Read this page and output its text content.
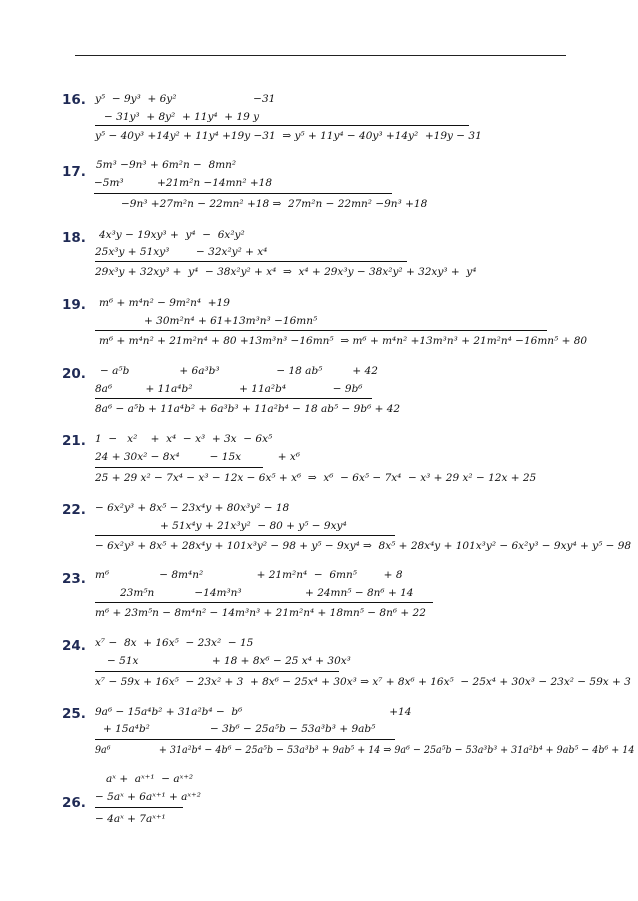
16. y⁵  − 9y³  + 6y²                       −31
− 31y³  + 8y²  + 11y⁴  + 19 y
y⁵ − 40y³ +14y² + 11y⁴ +19y −31  ⇒ y⁵ + 11y⁴ − 40y³ +14y²  +19y − 31
17. 5m³ −9n³ + 6m²n −  8mn²
−5m³          +21m²n −14mn² +18
−9n³ +27m²n − 22mn² +18 ⇒  27m²n − 22mn² −9n³ +18
18. 4x³y − 19xy³ +  y⁴  −  6x²y²
25x³y + 51xy³        − 32x²y² + x⁴
29x³y + 32xy³ +  y⁴  − 38x²y² + x⁴  ⇒  x⁴ + 29x³y − 38x²y² + 32xy³ +  y⁴
19. m⁶ + m⁴n² − 9m²n⁴  +19
+ 30m²n⁴ + 61+13m³n³ −16mn⁵
m⁶ + m⁴n² + 21m²n⁴ + 80 +13m³n³ −16mn⁵  ⇒ m⁶ + m⁴n² +13m³n³ + 21m²n⁴ −16mn⁵ + 80
20. − a⁵b               + 6a³b³                 − 18 ab⁵         + 42
8a⁶          + 11a⁴b²              + 11a²b⁴              − 9b⁶
8a⁶ − a⁵b + 11a⁴b² + 6a³b³ + 11a²b⁴ − 18 ab⁵ − 9b⁶ + 42
21. 1  −   x²    +  x⁴  − x³  + 3x  − 6x⁵
24 + 30x² − 8x⁴         − 15x           + x⁶
25 + 29 x² − 7x⁴ − x³ − 12x − 6x⁵ + x⁶  ⇒  x⁶  − 6x⁵ − 7x⁴  − x³ + 29 x² − 12x + 25
22. − 6x²y³ + 8x⁵ − 23x⁴y + 80x³y² − 18
+ 51x⁴y + 21x³y²  − 80 + y⁵ − 9xy⁴
− 6x²y³ + 8x⁵ + 28x⁴y + 101x³y² − 98 + y⁵ − 9xy⁴ ⇒  8x⁵ + 28x⁴y + 101x³y² − 6x²y³ − 9xy⁴ + y⁵ − 98
23. m⁶               − 8m⁴n²                + 21m²n⁴  −  6mn⁵        + 8
23m⁵n            −14m³n³                   + 24mn⁵ − 8n⁶ + 14
m⁶ + 23m⁵n − 8m⁴n² − 14m³n³ + 21m²n⁴ + 18mn⁵ − 8n⁶ + 22
24. x⁷ −  8x  + 16x⁵  − 23x²  − 15
− 51x                      + 18 + 8x⁶ − 25 x⁴ + 30x³
x⁷ − 59x + 16x⁵  − 23x² + 3  + 8x⁶ − 25x⁴ + 30x³ ⇒ x⁷ + 8x⁶ + 16x⁵  − 25x⁴ + 30x³ − 23x² − 59x + 3
25. 9a⁶ − 15a⁴b² + 31a²b⁴ −  b⁶                                            +14
+ 15a⁴b²                  − 3b⁶ − 25a⁵b − 53a³b³ + 9ab⁵
9a⁶                + 31a²b⁴ − 4b⁶ − 25a⁵b − 53a³b³ + 9ab⁵ + 14 ⇒ 9a⁶ − 25a⁵b − 53a³b³ + 31a²b⁴ + 9ab⁵ − 4b⁶ + 14
26.
aˣ +  aˣ⁺¹  − aˣ⁺²
− 5aˣ + 6aˣ⁺¹ + aˣ⁺²
− 4aˣ + 7aˣ⁺¹
